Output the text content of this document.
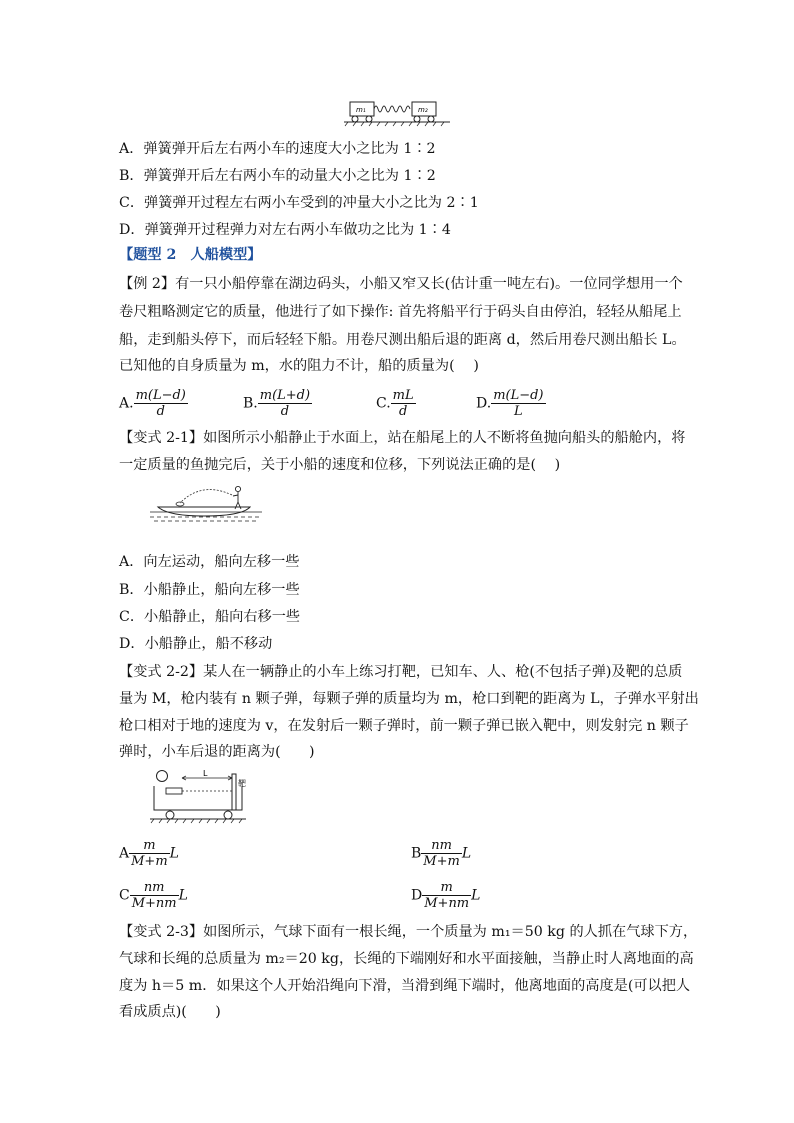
m₁	m₂
A．弹簧弹开后左右两小车的速度大小之比为 1∶2
B．弹簧弹开后左右两小车的动量大小之比为 1∶2
C．弹簧弹开过程左右两小车受到的冲量大小之比为 2∶1
D．弹簧弹开过程弹力对左右两小车做功之比为 1∶4
【题型 2　人船模型】
【例 2】有一只小船停靠在湖边码头，小船又窄又长(估计重一吨左右)。一位同学想用一个
卷尺粗略测定它的质量，他进行了如下操作: 首先将船平行于码头自由停泊，轻轻从船尾上
船，走到船头停下，而后轻轻下船。用卷尺测出船后退的距离 d，然后用卷尺测出船长 L。
已知他的自身质量为 m，水的阻力不计，船的质量为(　 )
A. $\frac{m(L-d)}{d}$	B. $\frac{m(L+d)}{d}$	C. $\frac{mL}{d}$	D. $\frac{m(L-d)}{L}$
【变式 2-1】如图所示小船静止于水面上，站在船尾上的人不断将鱼抛向船头的船舱内，将
一定质量的鱼抛完后，关于小船的速度和位移，下列说法正确的是(　 )
A．向左运动，船向左移一些
B．小船静止，船向左移一些
C．小船静止，船向右移一些
D．小船静止，船不移动
【变式 2-2】某人在一辆静止的小车上练习打靶，已知车、人、枪(不包括子弹)及靶的总质
量为 M，枪内装有 n 颗子弹，每颗子弹的质量均为 m，枪口到靶的距离为 L，子弹水平射出
枪口相对于地的速度为 v，在发射后一颗子弹时，前一颗子弹已嵌入靶中，则发射完 n 颗子
弹时，小车后退的距离为(　　)
L
靶
A $\frac{m}{M+m}$ L	B $\frac{nm}{M+m}$ L
C $\frac{nm}{M+nm}$ L	D $\frac{m}{M+nm}$ L
【变式 2-3】如图所示，气球下面有一根长绳，一个质量为 m₁＝50 kg 的人抓在气球下方，
气球和长绳的总质量为 m₂＝20 kg，长绳的下端刚好和水平面接触，当静止时人离地面的高
度为 h＝5 m．如果这个人开始沿绳向下滑，当滑到绳下端时，他离地面的高度是(可以把人
看成质点)(　　)
